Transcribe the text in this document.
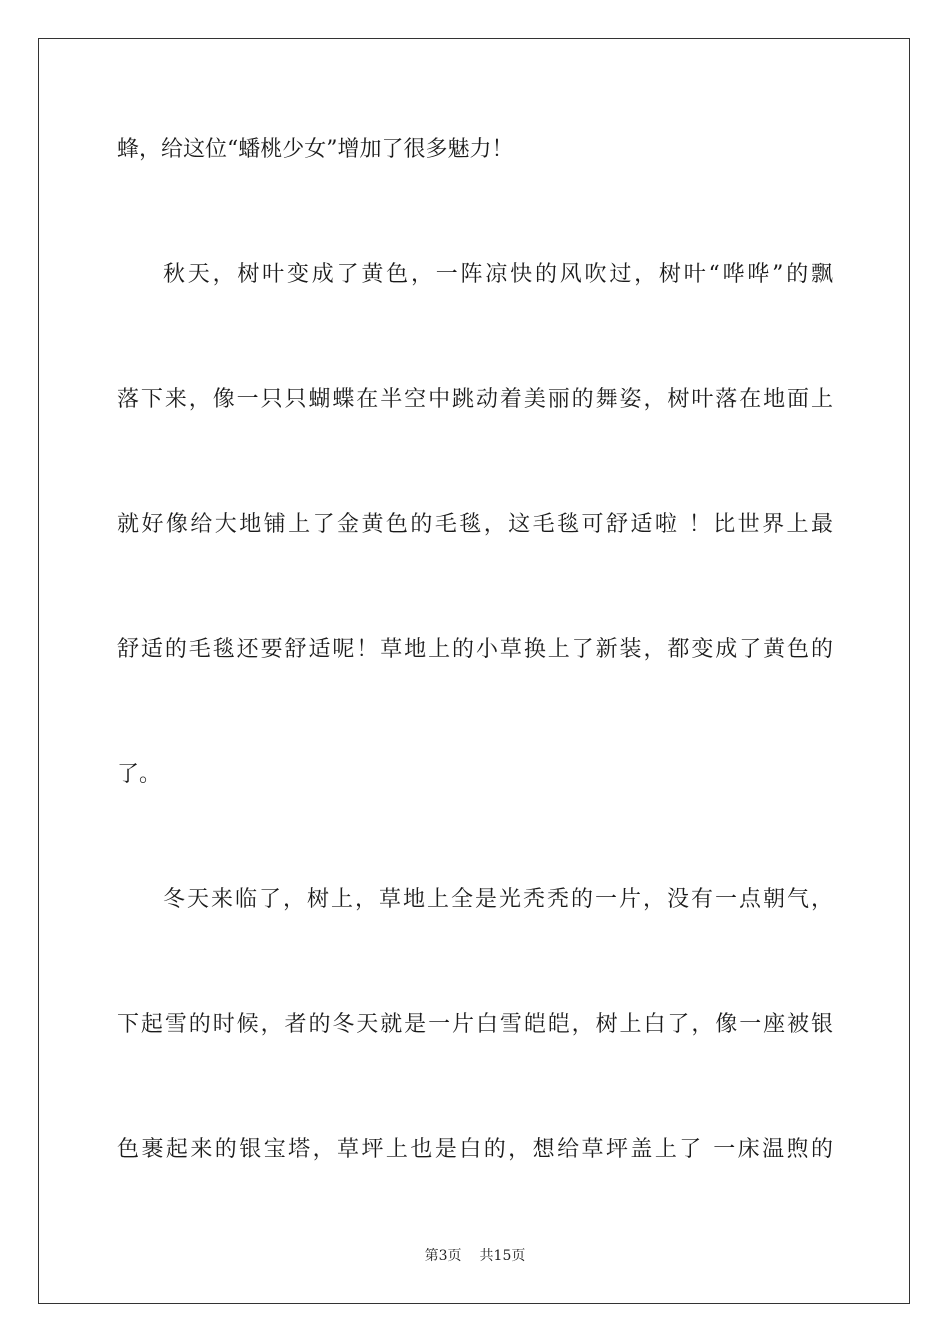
蜂，给这位“蟠桃少女”增加了很多魅力！
秋天，树叶变成了黄色，一阵凉快的风吹过，树叶“哗哗”的飘
落下来，像一只只蝴蝶在半空中跳动着美丽的舞姿，树叶落在地面上
就好像给大地铺上了金黄色的毛毯，这毛毯可舒适啦 ！比世界上最
舒适的毛毯还要舒适呢！草地上的小草换上了新装，都变成了黄色的
了。
冬天来临了，树上，草地上全是光秃秃的一片，没有一点朝气，
下起雪的时候，者的冬天就是一片白雪皑皑，树上白了，像一座被银
色裹起来的银宝塔，草坪上也是白的，想给草坪盖上了 一床温煦的
第3页 共15页
